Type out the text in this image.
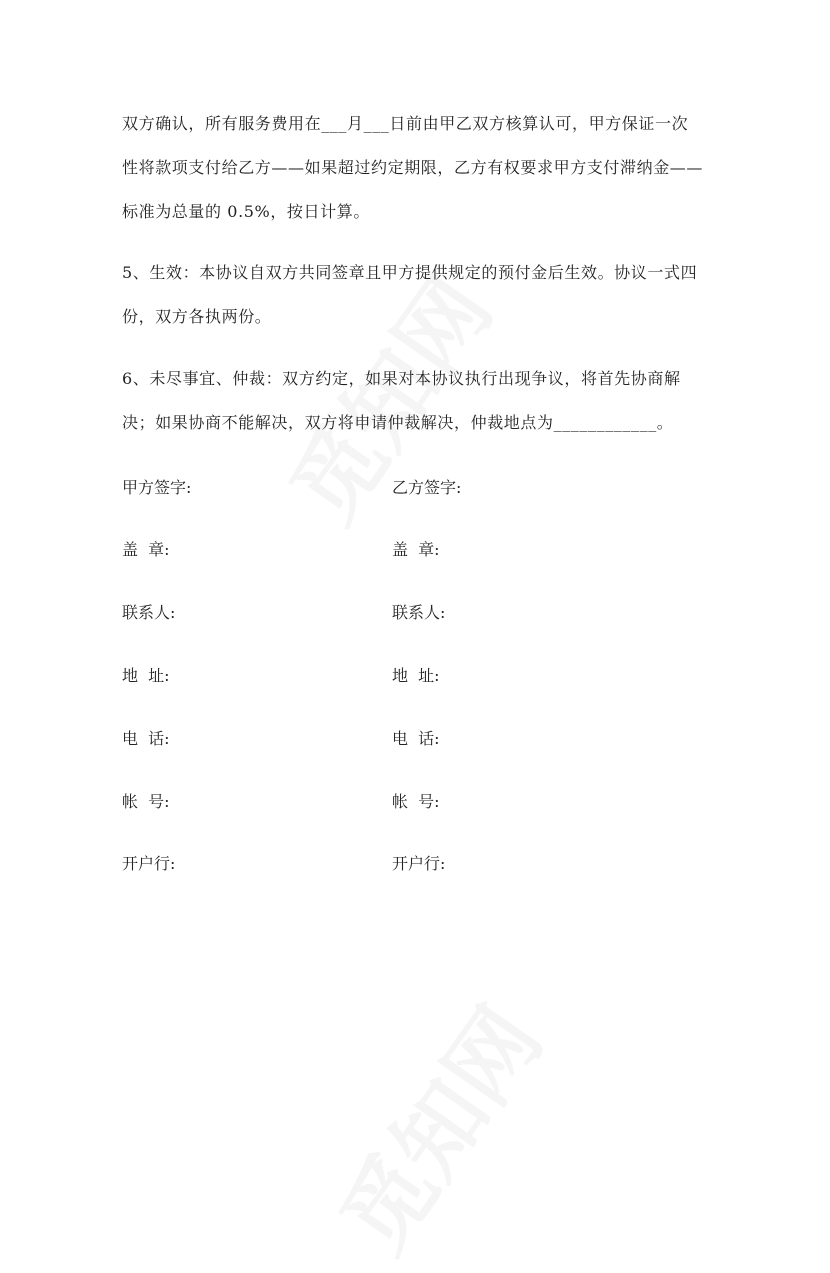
双方确认，所有服务费用在___月___日前由甲乙双方核算认可，甲方保证一次
性将款项支付给乙方——如果超过约定期限，乙方有权要求甲方支付滞纳金——
标准为总量的 0.5%，按日计算。
5、生效：本协议自双方共同签章且甲方提供规定的预付金后生效。协议一式四
份，双方各执两份。
6、未尽事宜、仲裁：双方约定，如果对本协议执行出现争议，将首先协商解
决；如果协商不能解决，双方将申请仲裁解决，仲裁地点为____________。
甲方签字:	乙方签字:
盖  章:	盖  章:
联系人:	联系人:
地  址:	地  址:
电  话:	电  话:
帐  号:	帐  号:
开户行:	开户行:
